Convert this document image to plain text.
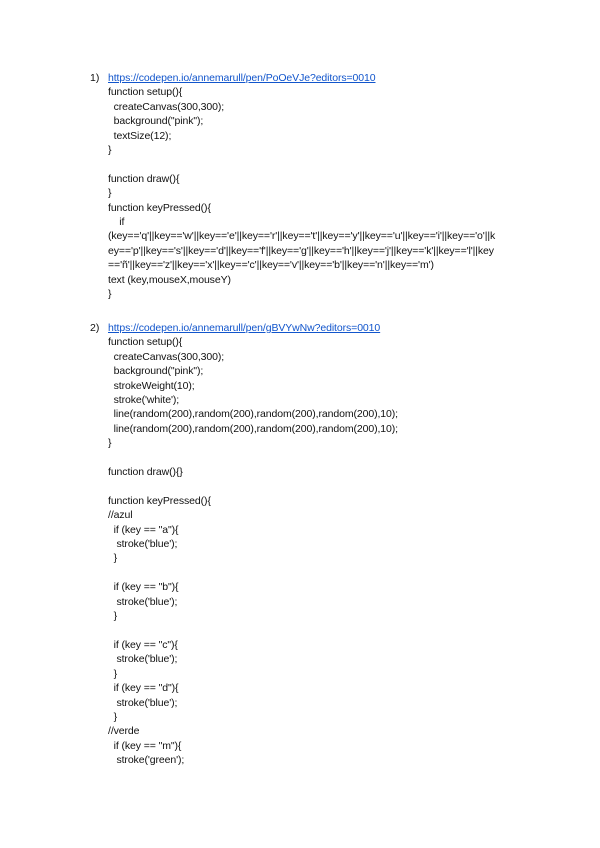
1) https://codepen.io/annemarull/pen/PoOeVJe?editors=0010
function setup(){
createCanvas(300,300);
background("pink");
textSize(12);
}
function draw(){
}
function keyPressed(){
if
(key=='q'||key=='w'||key=='e'||key=='r'||key=='t'||key=='y'||key=='u'||key=='i'||key=='o'||k
ey=='p'||key=='s'||key=='d'||key=='f'||key=='g'||key=='h'||key=='j'||key=='k'||key=='l'||key
=='ñ'||key=='z'||key=='x'||key=='c'||key=='v'||key=='b'||key=='n'||key=='m')
text (key,mouseX,mouseY)
}
2) https://codepen.io/annemarull/pen/gBVYwNw?editors=0010
function setup(){
createCanvas(300,300);
background("pink");
strokeWeight(10);
stroke('white');
line(random(200),random(200),random(200),random(200),10);
line(random(200),random(200),random(200),random(200),10);
}
function draw(){}
function keyPressed(){
//azul
if (key == "a"){
stroke('blue');
}
if (key == "b"){
stroke('blue');
}
if (key == "c"){
stroke('blue');
}
if (key == "d"){
stroke('blue');
}
//verde
if (key == "m"){
stroke('green');
